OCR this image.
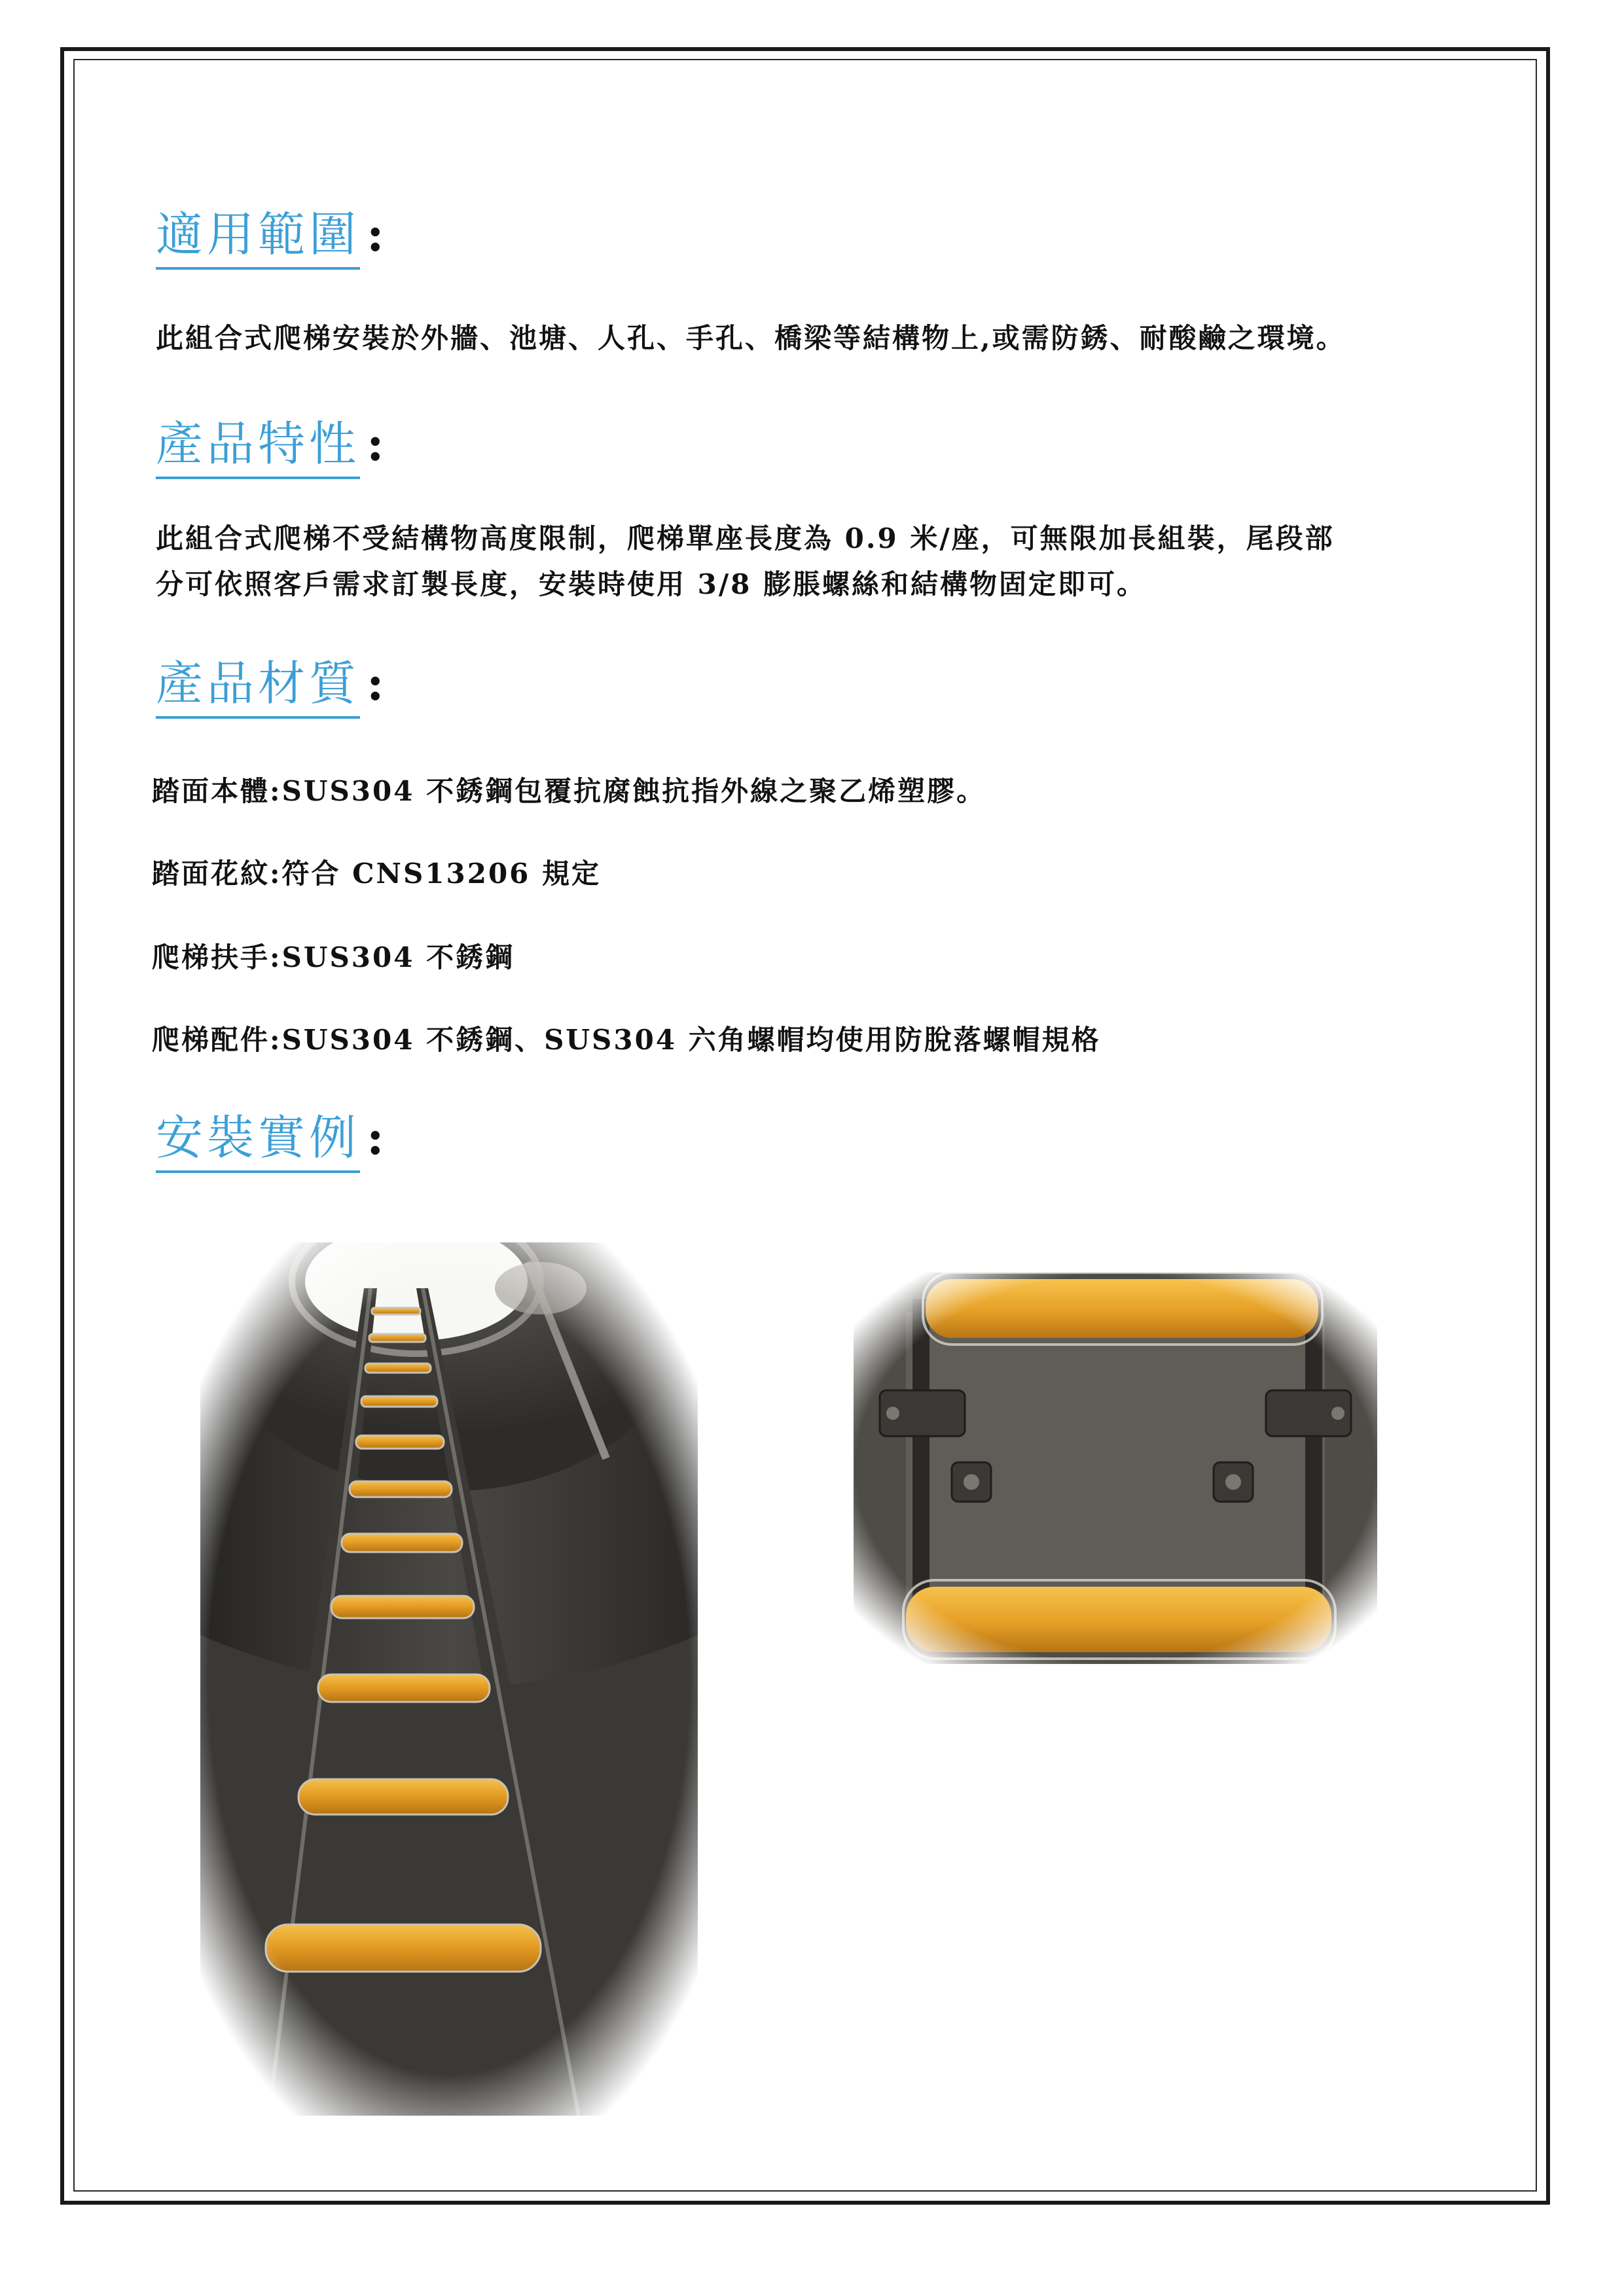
適用範圍 :
此組合式爬梯安裝於外牆、池塘、人孔、手孔、橋梁等結構物上,或需防銹、耐酸鹼之環境。
產品特性 :
此組合式爬梯不受結構物高度限制，爬梯單座長度為 0.9 米/座，可無限加長組裝，尾段部
分可依照客戶需求訂製長度，安裝時使用 3/8 膨脹螺絲和結構物固定即可。
產品材質 :
踏面本體:SUS304 不銹鋼包覆抗腐蝕抗指外線之聚乙烯塑膠。
踏面花紋:符合 CNS13206 規定
爬梯扶手:SUS304 不銹鋼
爬梯配件:SUS304 不銹鋼、SUS304 六角螺帽均使用防脫落螺帽規格
安裝實例 :
